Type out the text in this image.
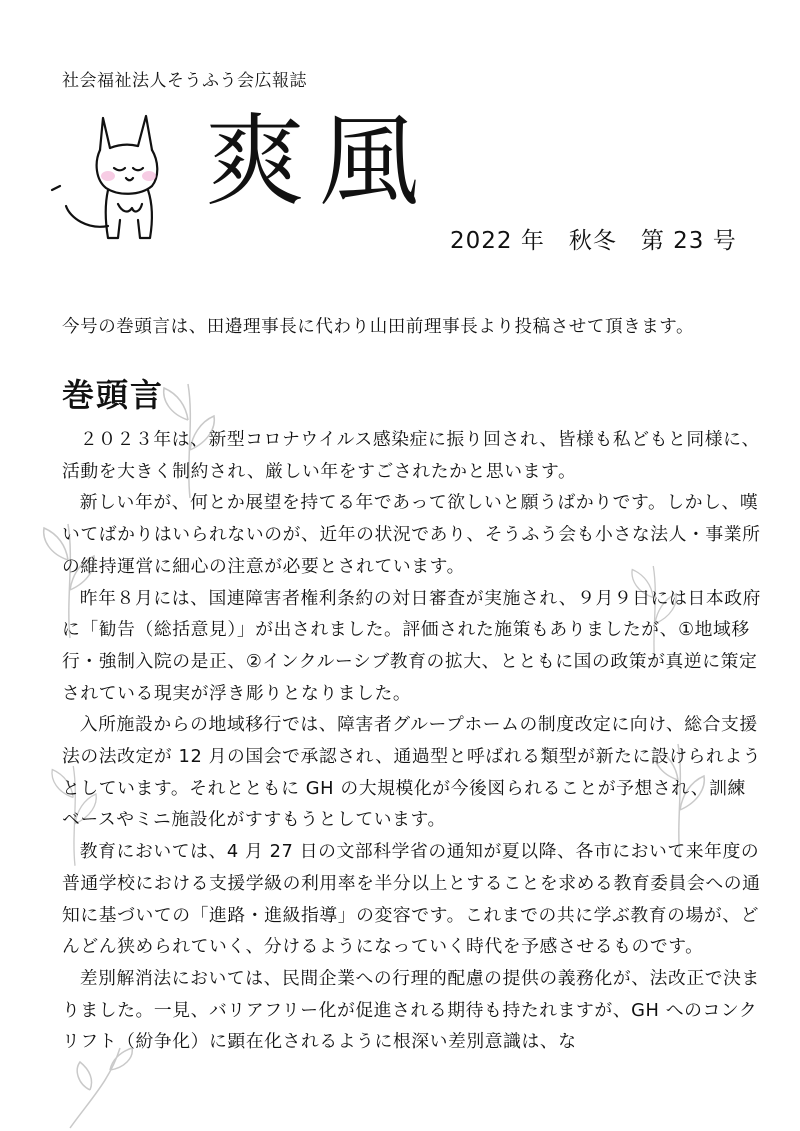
社会福祉法人そうふう会広報誌
爽風
2022 年　秋冬　第 23 号
今号の巻頭言は、田邉理事長に代わり山田前理事長より投稿させて頂きます。
巻頭言

２０２３年は、新型コロナウイルス感染症に振り回され、皆様も私どもと同様に、活動を大きく制約され、厳しい年をすごされたかと思います。

新しい年が、何とか展望を持てる年であって欲しいと願うばかりです。しかし、嘆いてばかりはいられないのが、近年の状況であり、そうふう会も小さな法人・事業所の維持運営に細心の注意が必要とされています。

昨年８月には、国連障害者権利条約の対日審査が実施され、９月９日には日本政府に「勧告（総括意見）」が出されました。評価された施策もありましたが、①地域移行・強制入院の是正、②インクルーシブ教育の拡大、とともに国の政策が真逆に策定されている現実が浮き彫りとなりました。

入所施設からの地域移行では、障害者グループホームの制度改定に向け、総合支援法の法改定が 12 月の国会で承認され、通過型と呼ばれる類型が新たに設けられようとしています。それとともに GH の大規模化が今後図られることが予想され、訓練ベースやミニ施設化がすすもうとしています。

教育においては、4 月 27 日の文部科学省の通知が夏以降、各市において来年度の普通学校における支援学級の利用率を半分以上とすることを求める教育委員会への通知に基づいての「進路・進級指導」の変容です。これまでの共に学ぶ教育の場が、どんどん狭められていく、分けるようになっていく時代を予感させるものです。

差別解消法においては、民間企業への行理的配慮の提供の義務化が、法改正で決まりました。一見、バリアフリー化が促進される期待も持たれますが、GH へのコンクリフト（紛争化）に顕在化されるように根深い差別意識は、な
